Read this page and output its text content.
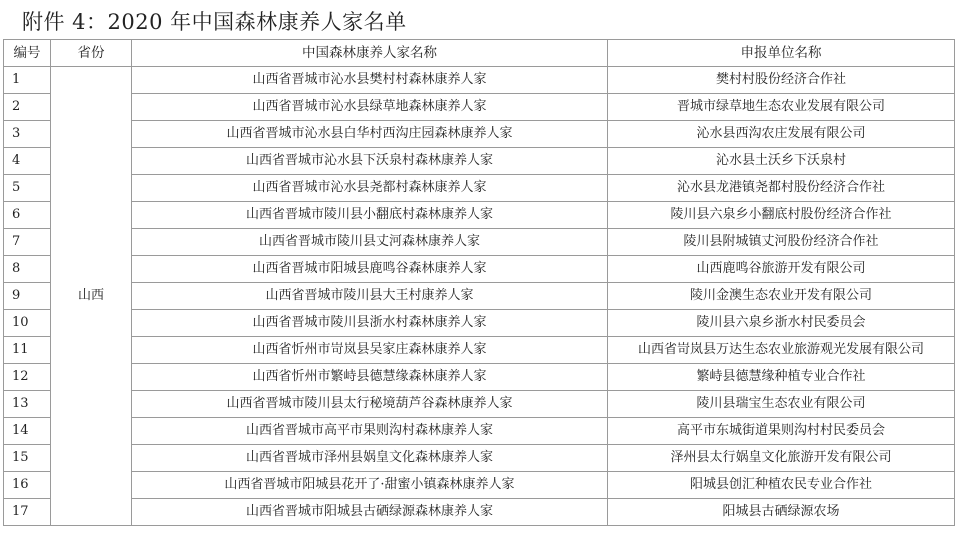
附件 4：2020 年中国森林康养人家名单
编号	省份	中国森林康养人家名称	申报单位名称
1	山西	山西省晋城市沁水县樊村村森林康养人家	樊村村股份经济合作社
2		山西省晋城市沁水县绿草地森林康养人家	晋城市绿草地生态农业发展有限公司
3		山西省晋城市沁水县白华村西沟庄园森林康养人家	沁水县西沟农庄发展有限公司
4		山西省晋城市沁水县下沃泉村森林康养人家	沁水县土沃乡下沃泉村
5		山西省晋城市沁水县尧都村森林康养人家	沁水县龙港镇尧都村股份经济合作社
6		山西省晋城市陵川县小翻底村森林康养人家	陵川县六泉乡小翻底村股份经济合作社
7		山西省晋城市陵川县丈河森林康养人家	陵川县附城镇丈河股份经济合作社
8		山西省晋城市阳城县鹿鸣谷森林康养人家	山西鹿鸣谷旅游开发有限公司
9		山西省晋城市陵川县大王村康养人家	陵川金澳生态农业开发有限公司
10		山西省晋城市陵川县浙水村森林康养人家	陵川县六泉乡浙水村民委员会
11		山西省忻州市岢岚县吴家庄森林康养人家	山西省岢岚县万达生态农业旅游观光发展有限公司
12		山西省忻州市繁峙县德慧缘森林康养人家	繁峙县德慧缘种植专业合作社
13		山西省晋城市陵川县太行秘境葫芦谷森林康养人家	陵川县瑞宝生态农业有限公司
14		山西省晋城市高平市果则沟村森林康养人家	高平市东城街道果则沟村村民委员会
15		山西省晋城市泽州县娲皇文化森林康养人家	泽州县太行娲皇文化旅游开发有限公司
16		山西省晋城市阳城县花开了·甜蜜小镇森林康养人家	阳城县创汇种植农民专业合作社
17		山西省晋城市阳城县古硒绿源森林康养人家	阳城县古硒绿源农场
